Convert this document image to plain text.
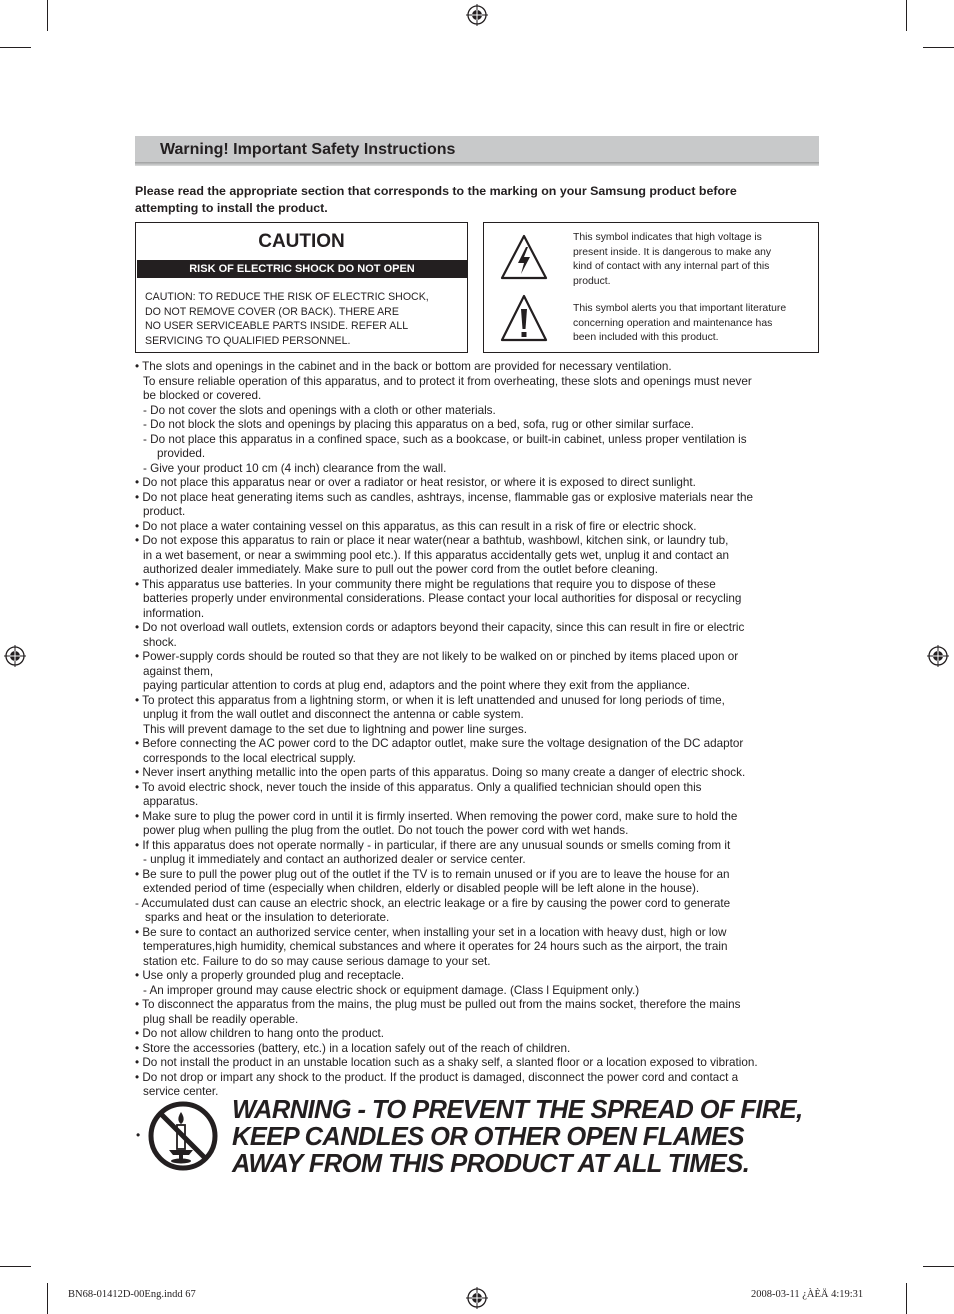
Warning! Important Safety Instructions
Please read the appropriate section that corresponds to the marking on your Samsung product before
attempting to install the product.
CAUTION
RISK OF ELECTRIC SHOCK DO NOT OPEN
CAUTION: TO REDUCE THE RISK OF ELECTRIC SHOCK,
DO NOT REMOVE COVER (OR BACK). THERE ARE
NO USER SERVICEABLE PARTS INSIDE. REFER ALL
SERVICING TO QUALIFIED PERSONNEL.
This symbol indicates that high voltage is
present inside. It is dangerous to make any
kind of contact with any internal part of this
product.
This symbol alerts you that important literature
concerning operation and maintenance has
been included with this product.
• The slots and openings in the cabinet and in the back or bottom are provided for necessary ventilation.
To ensure reliable operation of this apparatus, and to protect it from overheating, these slots and openings must never
be blocked or covered.
- Do not cover the slots and openings with a cloth or other materials.
- Do not block the slots and openings by placing this apparatus on a bed, sofa, rug or other similar surface.
- Do not place this apparatus in a confined space, such as a bookcase, or built-in cabinet, unless proper ventilation is
provided.
- Give your product 10 cm (4 inch) clearance from the wall.
• Do not place this apparatus near or over a radiator or heat resistor, or where it is exposed to direct sunlight.
• Do not place heat generating items such as candles, ashtrays, incense, flammable gas or explosive materials near the
product.
• Do not place a water containing vessel on this apparatus, as this can result in a risk of fire or electric shock.
• Do not expose this apparatus to rain or place it near water(near a bathtub, washbowl, kitchen sink, or laundry tub,
in a wet basement, or near a swimming pool etc.). If this apparatus accidentally gets wet, unplug it and contact an
authorized dealer immediately. Make sure to pull out the power cord from the outlet before cleaning.
• This apparatus use batteries. In your community there might be regulations that require you to dispose of these
batteries properly under environmental considerations. Please contact your local authorities for disposal or recycling
information.
• Do not overload wall outlets, extension cords or adaptors beyond their capacity, since this can result in fire or electric
shock.
• Power-supply cords should be routed so that they are not likely to be walked on or pinched by items placed upon or
against them,
paying particular attention to cords at plug end, adaptors and the point where they exit from the appliance.
• To protect this apparatus from a lightning storm, or when it is left unattended and unused for long periods of time,
unplug it from the wall outlet and disconnect the antenna or cable system.
This will prevent damage to the set due to lightning and power line surges.
• Before connecting the AC power cord to the DC adaptor outlet, make sure the voltage designation of the DC adaptor
corresponds to the local electrical supply.
• Never insert anything metallic into the open parts of this apparatus. Doing so many create a danger of electric shock.
• To avoid electric shock, never touch the inside of this apparatus. Only a qualified technician should open this
apparatus.
• Make sure to plug the power cord in until it is firmly inserted. When removing the power cord, make sure to hold the
power plug when pulling the plug from the outlet. Do not touch the power cord with wet hands.
• If this apparatus does not operate normally - in particular, if there are any unusual sounds or smells coming from it
- unplug it immediately and contact an authorized dealer or service center.
• Be sure to pull the power plug out of the outlet if the TV is to remain unused or if you are to leave the house for an
extended period of time (especially when children, elderly or disabled people will be left alone in the house).
- Accumulated dust can cause an electric shock, an electric leakage or a fire by causing the power cord to generate
sparks and heat or the insulation to deteriorate.
• Be sure to contact an authorized service center, when installing your set in a location with heavy dust, high or low
temperatures,high humidity, chemical substances and where it operates for 24 hours such as the airport, the train
station etc. Failure to do so may cause serious damage to your set.
• Use only a properly grounded plug and receptacle.
- An improper ground may cause electric shock or equipment damage. (Class l Equipment only.)
• To disconnect the apparatus from the mains, the plug must be pulled out from the mains socket, therefore the mains
plug shall be readily operable.
• Do not allow children to hang onto the product.
• Store the accessories (battery, etc.) in a location safely out of the reach of children.
• Do not install the product in an unstable location such as a shaky self, a slanted floor or a location exposed to vibration.
• Do not drop or impart any shock to the product. If the product is damaged, disconnect the power cord and contact a
service center.
•
WARNING - TO PREVENT THE SPREAD OF FIRE,
KEEP CANDLES OR OTHER OPEN FLAMES
AWAY FROM THIS PRODUCT AT ALL TIMES.
BN68-01412D-00Eng.indd 67	2008-03-11 ¿ÀÈÄ 4:19:31
